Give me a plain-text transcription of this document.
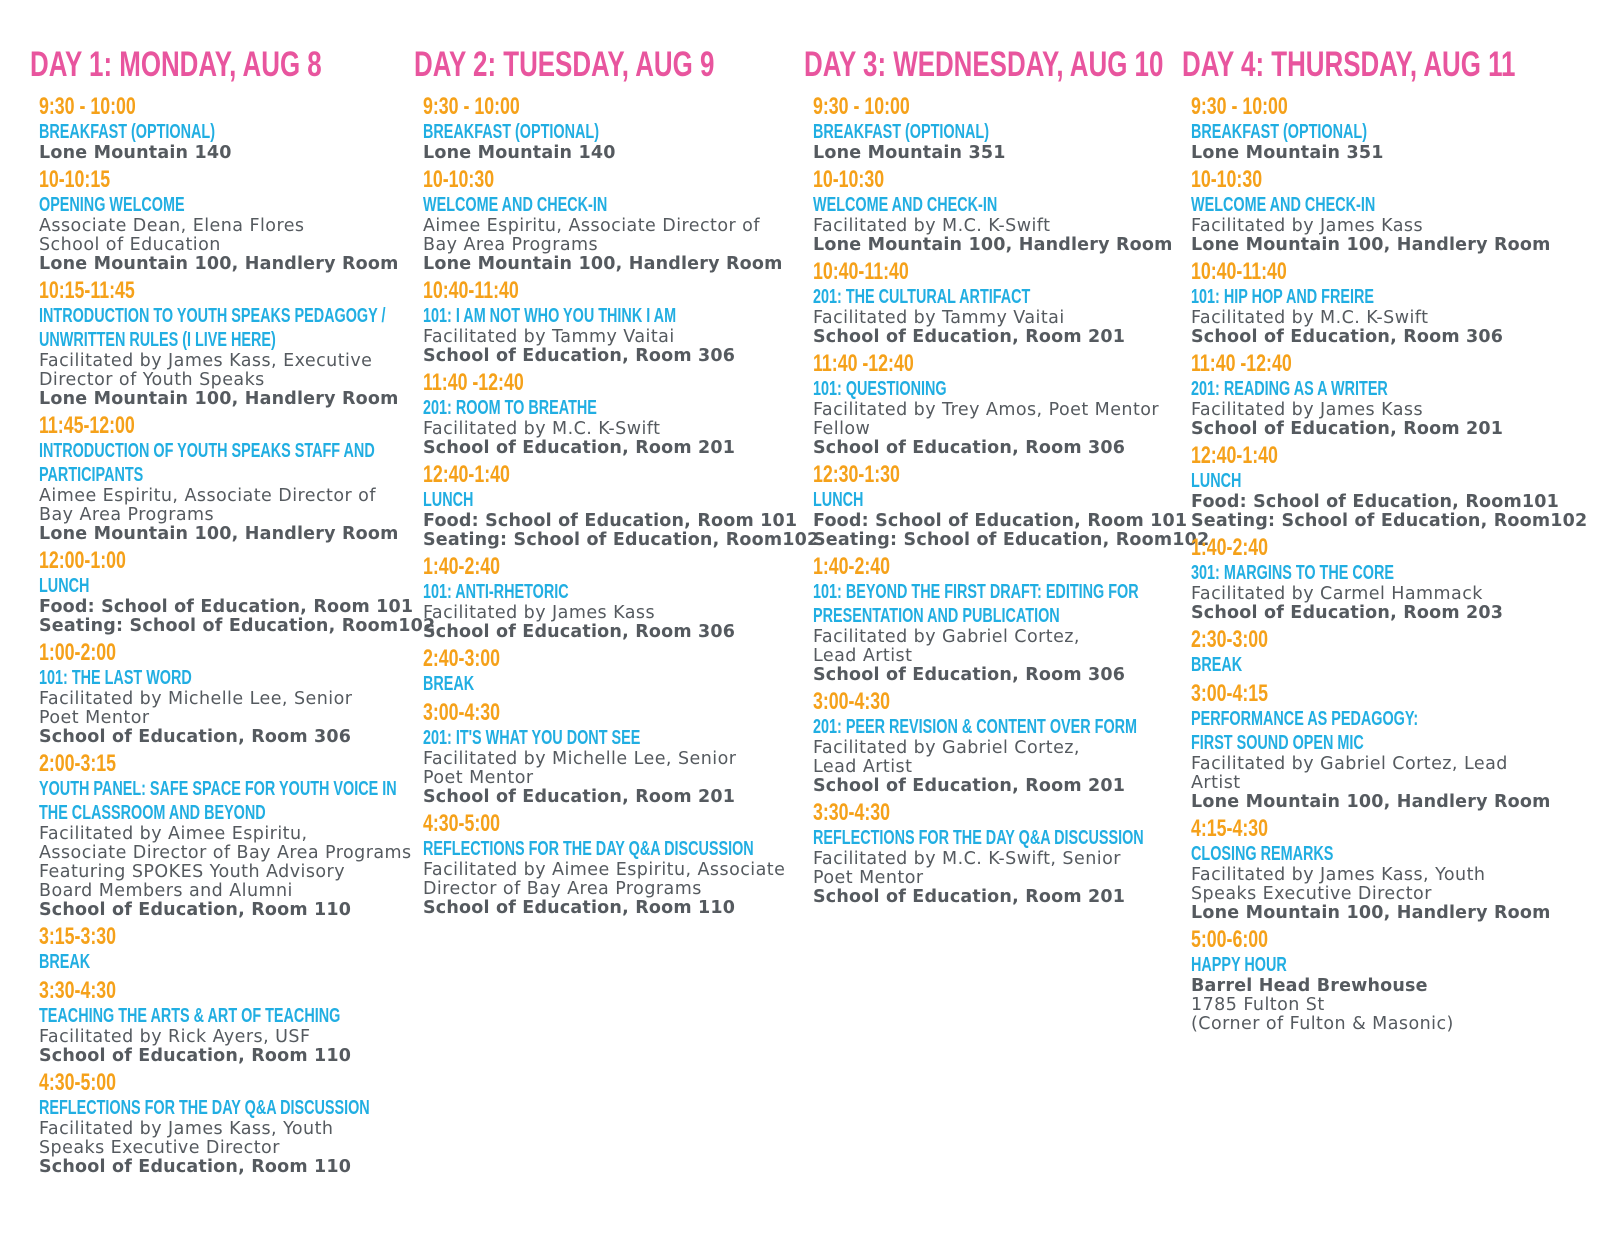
DAY 1: MONDAY, AUG 8
9:30 - 10:00
BREAKFAST (OPTIONAL)
Lone Mountain 140
10-10:15
OPENING WELCOME
Associate Dean, Elena Flores
School of Education
Lone Mountain 100, Handlery Room
10:15-11:45
INTRODUCTION TO YOUTH SPEAKS PEDAGOGY /
UNWRITTEN RULES (I LIVE HERE)
Facilitated by James Kass, Executive
Director of Youth Speaks
Lone Mountain 100, Handlery Room
11:45-12:00
INTRODUCTION OF YOUTH SPEAKS STAFF AND
PARTICIPANTS
Aimee Espiritu, Associate Director of
Bay Area Programs
Lone Mountain 100, Handlery Room
12:00-1:00
LUNCH
Food: School of Education, Room 101
Seating: School of Education, Room102
1:00-2:00
101: THE LAST WORD
Facilitated by Michelle Lee, Senior
Poet Mentor
School of Education, Room 306
2:00-3:15
YOUTH PANEL: SAFE SPACE FOR YOUTH VOICE IN
THE CLASSROOM AND BEYOND
Facilitated by Aimee Espiritu,
Associate Director of Bay Area Programs
Featuring SPOKES Youth Advisory
Board Members and Alumni
School of Education, Room 110
3:15-3:30
BREAK
3:30-4:30
TEACHING THE ARTS & ART OF TEACHING
Facilitated by Rick Ayers, USF
School of Education, Room 110
4:30-5:00
REFLECTIONS FOR THE DAY Q&A DISCUSSION
Facilitated by James Kass, Youth
Speaks Executive Director
School of Education, Room 110
DAY 2: TUESDAY, AUG 9
9:30 - 10:00
BREAKFAST (OPTIONAL)
Lone Mountain 140
10-10:30
WELCOME AND CHECK-IN
Aimee Espiritu, Associate Director of
Bay Area Programs
Lone Mountain 100, Handlery Room
10:40-11:40
101: I AM NOT WHO YOU THINK I AM
Facilitated by Tammy Vaitai
School of Education, Room 306
11:40 -12:40
201: ROOM TO BREATHE
Facilitated by M.C. K-Swift
School of Education, Room 201
12:40-1:40
LUNCH
Food: School of Education, Room 101
Seating: School of Education, Room102
1:40-2:40
101: ANTI-RHETORIC
Facilitated by James Kass
School of Education, Room 306
2:40-3:00
BREAK
3:00-4:30
201: IT'S WHAT YOU DONT SEE
Facilitated by Michelle Lee, Senior
Poet Mentor
School of Education, Room 201
4:30-5:00
REFLECTIONS FOR THE DAY Q&A DISCUSSION
Facilitated by Aimee Espiritu, Associate
Director of Bay Area Programs
School of Education, Room 110
DAY 3: WEDNESDAY, AUG 10
9:30 - 10:00
BREAKFAST (OPTIONAL)
Lone Mountain 351
10-10:30
WELCOME AND CHECK-IN
Facilitated by M.C. K-Swift
Lone Mountain 100, Handlery Room
10:40-11:40
201: THE CULTURAL ARTIFACT
Facilitated by Tammy Vaitai
School of Education, Room 201
11:40 -12:40
101: QUESTIONING
Facilitated by Trey Amos, Poet Mentor
Fellow
School of Education, Room 306
12:30-1:30
LUNCH
Food: School of Education, Room 101
Seating: School of Education, Room102
1:40-2:40
101: BEYOND THE FIRST DRAFT: EDITING FOR
PRESENTATION AND PUBLICATION
Facilitated by Gabriel Cortez,
Lead Artist
School of Education, Room 306
3:00-4:30
201: PEER REVISION & CONTENT OVER FORM
Facilitated by Gabriel Cortez,
Lead Artist
School of Education, Room 201
3:30-4:30
REFLECTIONS FOR THE DAY Q&A DISCUSSION
Facilitated by M.C. K-Swift, Senior
Poet Mentor
School of Education, Room 201
DAY 4: THURSDAY, AUG 11
9:30 - 10:00
BREAKFAST (OPTIONAL)
Lone Mountain 351
10-10:30
WELCOME AND CHECK-IN
Facilitated by James Kass
Lone Mountain 100, Handlery Room
10:40-11:40
101: HIP HOP AND FREIRE
Facilitated by M.C. K-Swift
School of Education, Room 306
11:40 -12:40
201: READING AS A WRITER
Facilitated by James Kass
School of Education, Room 201
12:40-1:40
LUNCH
Food: School of Education, Room101
Seating: School of Education, Room102
1:40-2:40
301: MARGINS TO THE CORE
Facilitated by Carmel Hammack
School of Education, Room 203
2:30-3:00
BREAK
3:00-4:15
PERFORMANCE AS PEDAGOGY:
FIRST SOUND OPEN MIC
Facilitated by Gabriel Cortez, Lead
Artist
Lone Mountain 100, Handlery Room
4:15-4:30
CLOSING REMARKS
Facilitated by James Kass, Youth
Speaks Executive Director
Lone Mountain 100, Handlery Room
5:00-6:00
HAPPY HOUR
Barrel Head Brewhouse
1785 Fulton St
(Corner of Fulton & Masonic)
